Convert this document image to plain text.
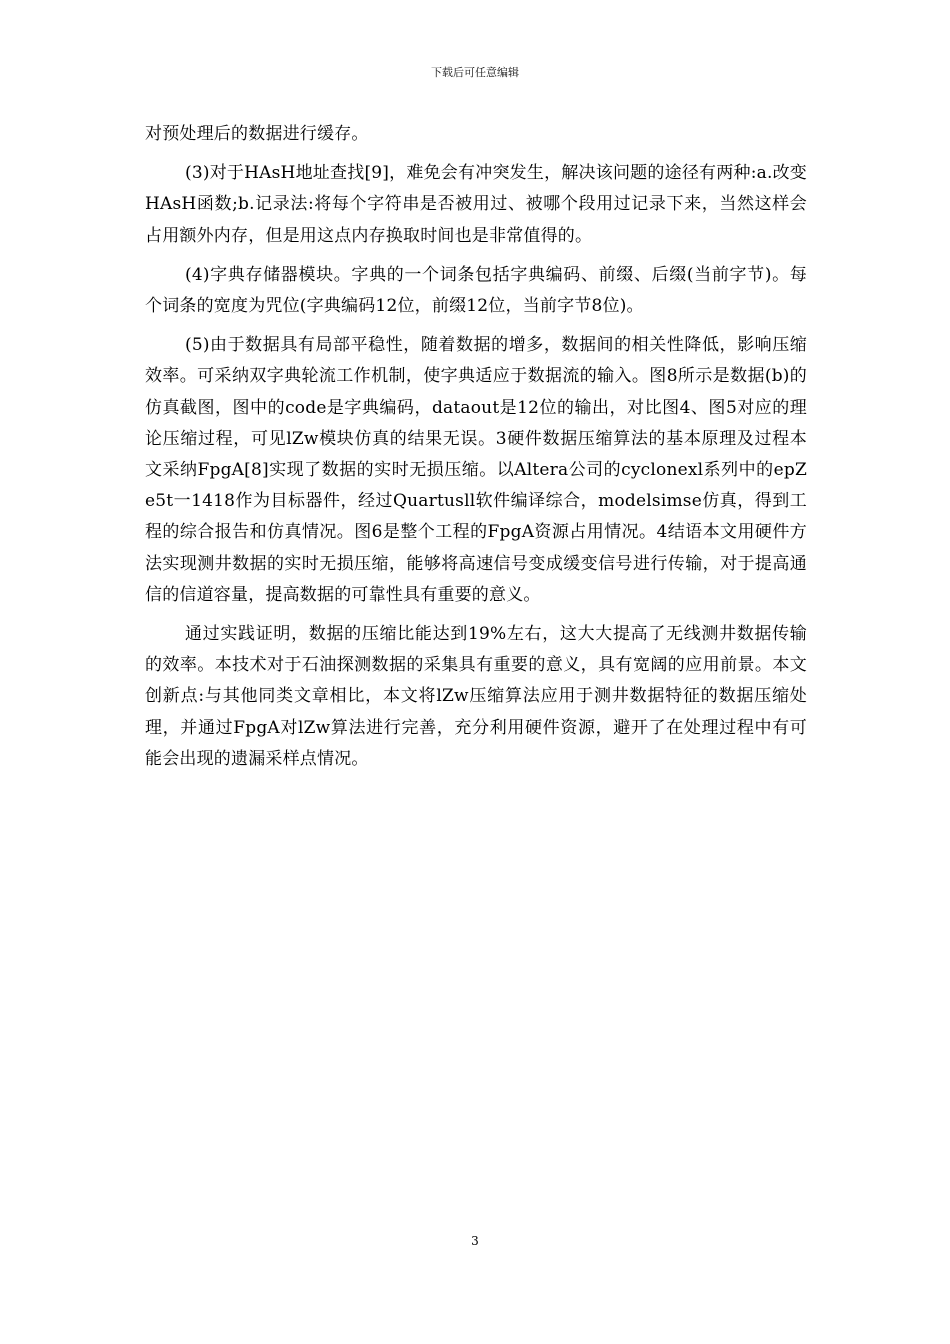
下载后可任意编辑

对预处理后的数据进行缓存。

(3)对于HAsH地址查找[9]，难免会有冲突发生，解决该问题的途径有两种:a.改变HAsH函数;b.记录法:将每个字符串是否被用过、被哪个段用过记录下来，当然这样会占用额外内存，但是用这点内存换取时间也是非常值得的。

(4)字典存储器模块。字典的一个词条包括字典编码、前缀、后缀(当前字节)。每个词条的宽度为咒位(字典编码12位，前缀12位，当前字节8位)。

(5)由于数据具有局部平稳性，随着数据的增多，数据间的相关性降低，影响压缩效率。可采纳双字典轮流工作机制，使字典适应于数据流的输入。图8所示是数据(b)的仿真截图，图中的code是字典编码，dataout是12位的输出，对比图4、图5对应的理论压缩过程，可见lZw模块仿真的结果无误。3硬件数据压缩算法的基本原理及过程本文采纳FpgA[8]实现了数据的实时无损压缩。以Altera公司的cyclonexl系列中的epZe5t一1418作为目标器件，经过Quartusll软件编译综合，modelsimse仿真，得到工程的综合报告和仿真情况。图6是整个工程的FpgA资源占用情况。4结语本文用硬件方法实现测井数据的实时无损压缩，能够将高速信号变成缓变信号进行传输，对于提高通信的信道容量，提高数据的可靠性具有重要的意义。

通过实践证明，数据的压缩比能达到19%左右，这大大提高了无线测井数据传输的效率。本技术对于石油探测数据的采集具有重要的意义，具有宽阔的应用前景。本文创新点:与其他同类文章相比，本文将lZw压缩算法应用于测井数据特征的数据压缩处理，并通过FpgA对lZw算法进行完善，充分利用硬件资源，避开了在处理过程中有可能会出现的遗漏采样点情况。

3
